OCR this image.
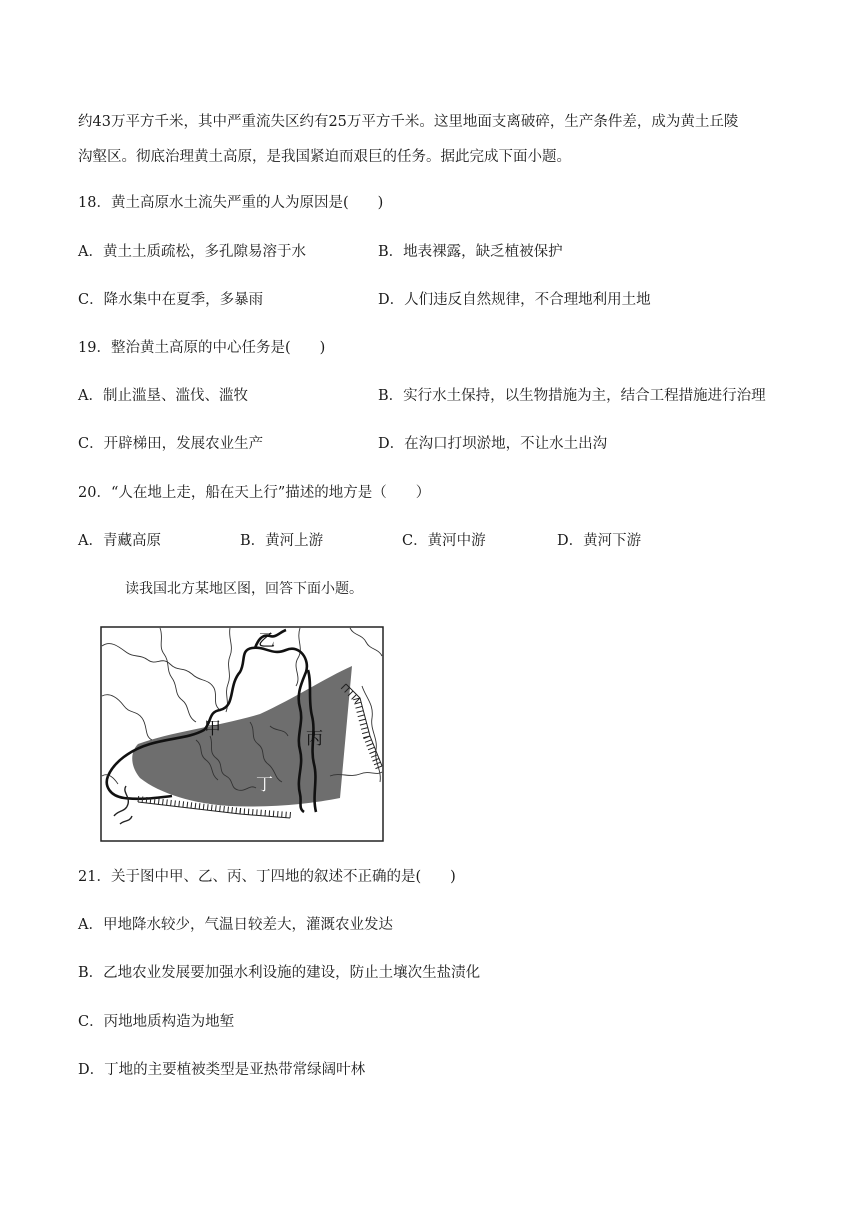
约43万平方千米，其中严重流失区约有25万平方千米。这里地面支离破碎，生产条件差，成为黄土丘陵
沟壑区。彻底治理黄土高原，是我国紧迫而艰巨的任务。据此完成下面小题。
18．黄土高原水土流失严重的人为原因是(　　)
A．黄土土质疏松，多孔隙易溶于水	B．地表裸露，缺乏植被保护
C．降水集中在夏季，多暴雨	D．人们违反自然规律，不合理地利用土地
19．整治黄土高原的中心任务是(　　)
A．制止滥垦、滥伐、滥牧	B．实行水土保持，以生物措施为主，结合工程措施进行治理
C．开辟梯田，发展农业生产	D．在沟口打坝淤地，不让水土出沟
20．“人在地上走，船在天上行”描述的地方是（　　）
A．青藏高原	B．黄河上游	C．黄河中游	D．黄河下游
读我国北方某地区图，回答下面小题。
乙
甲	丙
丁
21．关于图中甲、乙、丙、丁四地的叙述不正确的是(　　)
A．甲地降水较少，气温日较差大，灌溉农业发达
B．乙地农业发展要加强水利设施的建设，防止土壤次生盐渍化
C．丙地地质构造为地堑
D．丁地的主要植被类型是亚热带常绿阔叶林
